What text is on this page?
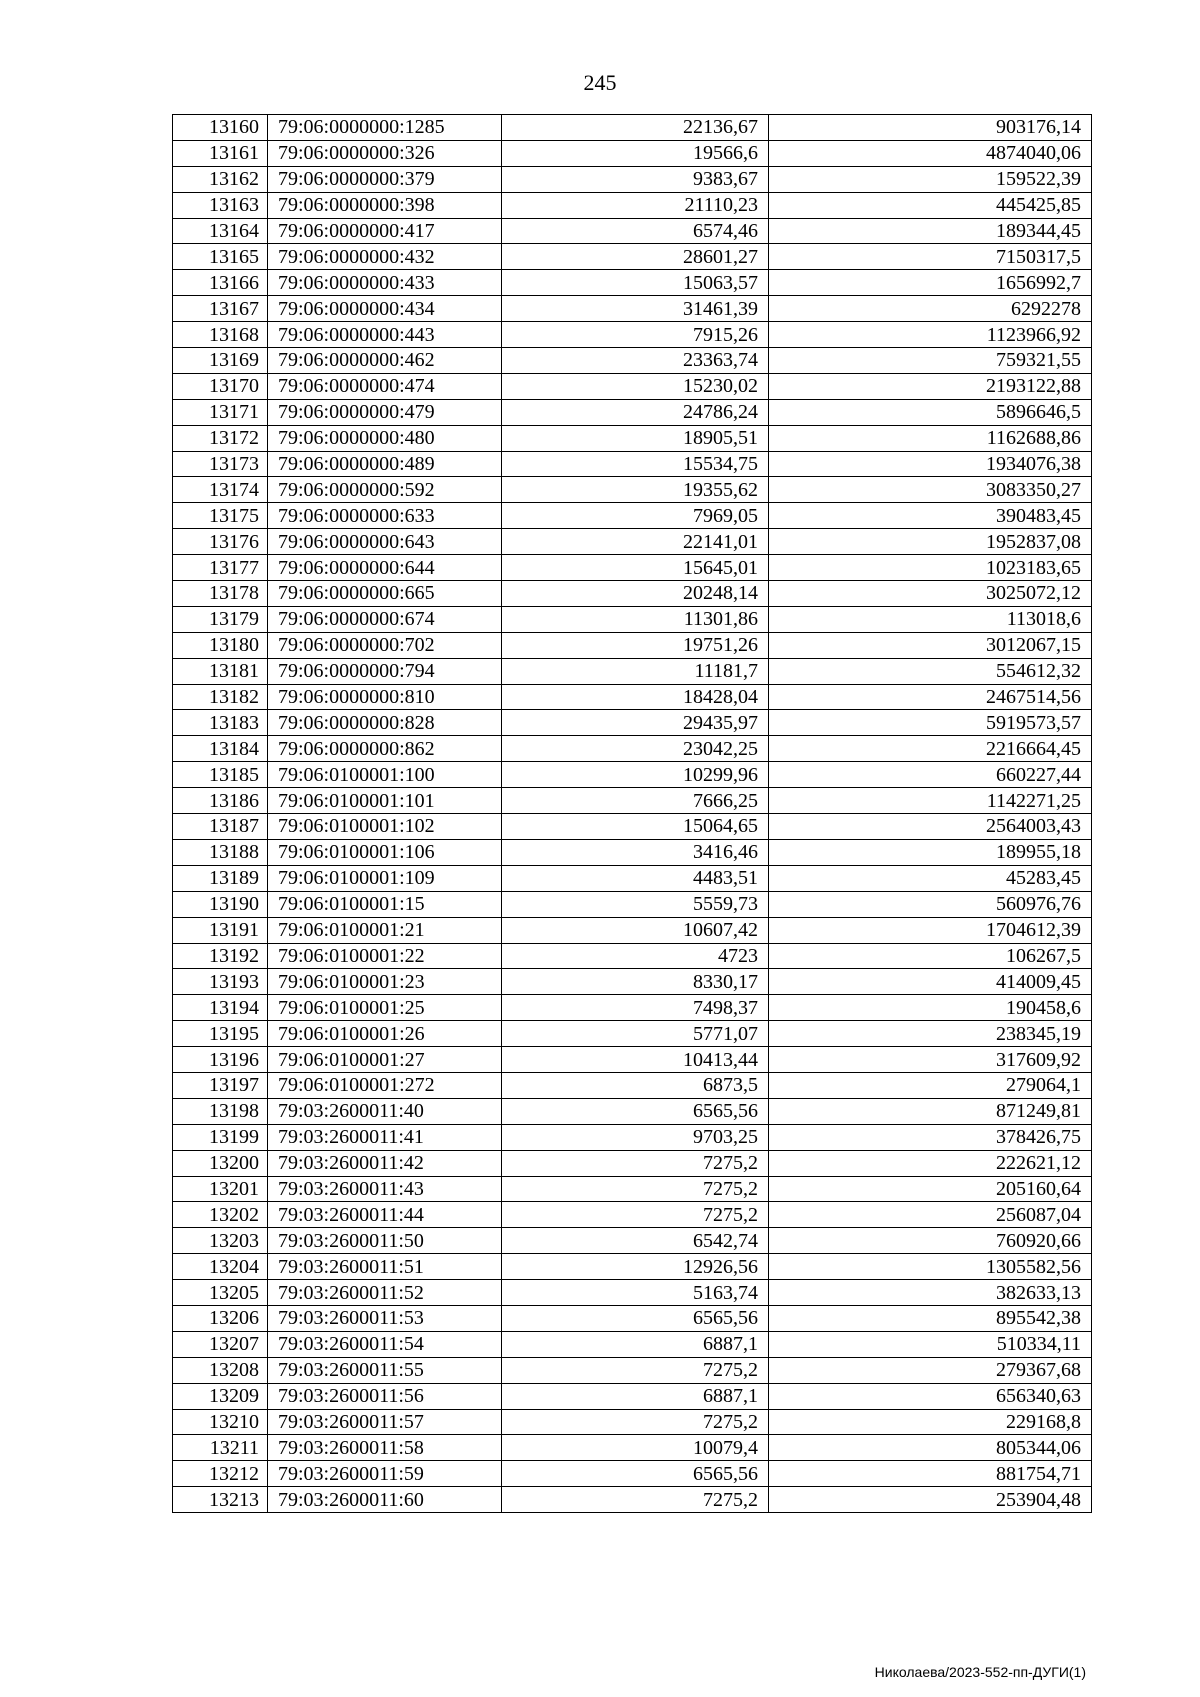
245
13160	79:06:0000000:1285	22136,67	903176,14
13161	79:06:0000000:326	19566,6	4874040,06
13162	79:06:0000000:379	9383,67	159522,39
13163	79:06:0000000:398	21110,23	445425,85
13164	79:06:0000000:417	6574,46	189344,45
13165	79:06:0000000:432	28601,27	7150317,5
13166	79:06:0000000:433	15063,57	1656992,7
13167	79:06:0000000:434	31461,39	6292278
13168	79:06:0000000:443	7915,26	1123966,92
13169	79:06:0000000:462	23363,74	759321,55
13170	79:06:0000000:474	15230,02	2193122,88
13171	79:06:0000000:479	24786,24	5896646,5
13172	79:06:0000000:480	18905,51	1162688,86
13173	79:06:0000000:489	15534,75	1934076,38
13174	79:06:0000000:592	19355,62	3083350,27
13175	79:06:0000000:633	7969,05	390483,45
13176	79:06:0000000:643	22141,01	1952837,08
13177	79:06:0000000:644	15645,01	1023183,65
13178	79:06:0000000:665	20248,14	3025072,12
13179	79:06:0000000:674	11301,86	113018,6
13180	79:06:0000000:702	19751,26	3012067,15
13181	79:06:0000000:794	11181,7	554612,32
13182	79:06:0000000:810	18428,04	2467514,56
13183	79:06:0000000:828	29435,97	5919573,57
13184	79:06:0000000:862	23042,25	2216664,45
13185	79:06:0100001:100	10299,96	660227,44
13186	79:06:0100001:101	7666,25	1142271,25
13187	79:06:0100001:102	15064,65	2564003,43
13188	79:06:0100001:106	3416,46	189955,18
13189	79:06:0100001:109	4483,51	45283,45
13190	79:06:0100001:15	5559,73	560976,76
13191	79:06:0100001:21	10607,42	1704612,39
13192	79:06:0100001:22	4723	106267,5
13193	79:06:0100001:23	8330,17	414009,45
13194	79:06:0100001:25	7498,37	190458,6
13195	79:06:0100001:26	5771,07	238345,19
13196	79:06:0100001:27	10413,44	317609,92
13197	79:06:0100001:272	6873,5	279064,1
13198	79:03:2600011:40	6565,56	871249,81
13199	79:03:2600011:41	9703,25	378426,75
13200	79:03:2600011:42	7275,2	222621,12
13201	79:03:2600011:43	7275,2	205160,64
13202	79:03:2600011:44	7275,2	256087,04
13203	79:03:2600011:50	6542,74	760920,66
13204	79:03:2600011:51	12926,56	1305582,56
13205	79:03:2600011:52	5163,74	382633,13
13206	79:03:2600011:53	6565,56	895542,38
13207	79:03:2600011:54	6887,1	510334,11
13208	79:03:2600011:55	7275,2	279367,68
13209	79:03:2600011:56	6887,1	656340,63
13210	79:03:2600011:57	7275,2	229168,8
13211	79:03:2600011:58	10079,4	805344,06
13212	79:03:2600011:59	6565,56	881754,71
13213	79:03:2600011:60	7275,2	253904,48
Николаева/2023-552-пп-ДУГИ(1)
